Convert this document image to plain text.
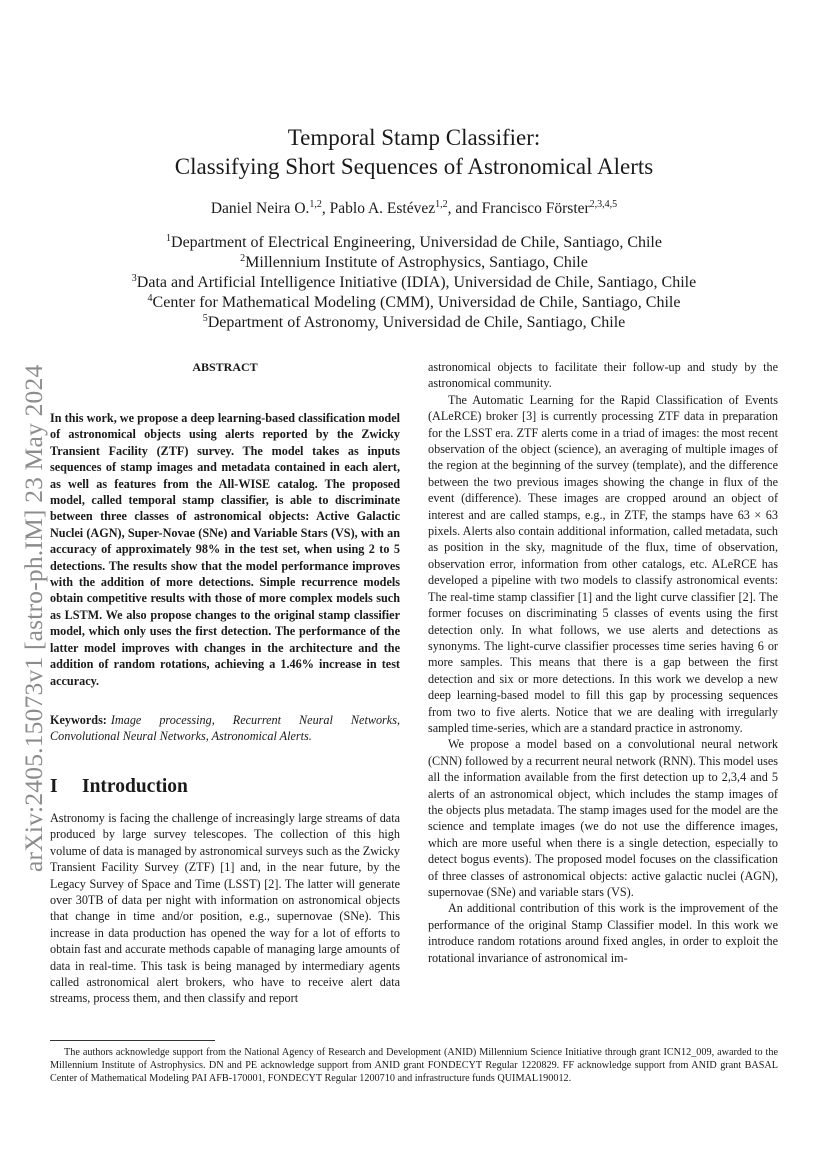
arXiv:2405.15073v1 [astro-ph.IM] 23 May 2024
Temporal Stamp Classifier:
Classifying Short Sequences of Astronomical Alerts
Daniel Neira O.$^{1,2}$, Pablo A. Estévez$^{1,2}$, and Francisco Förster$^{2,3,4,5}$
$^1$Department of Electrical Engineering, Universidad de Chile, Santiago, Chile
$^2$Millennium Institute of Astrophysics, Santiago, Chile
$^3$Data and Artificial Intelligence Initiative (IDIA), Universidad de Chile, Santiago, Chile
$^4$Center for Mathematical Modeling (CMM), Universidad de Chile, Santiago, Chile
$^5$Department of Astronomy, Universidad de Chile, Santiago, Chile
ABSTRACT
In this work, we propose a deep learning-based classification model of astronomical objects using alerts reported by the Zwicky Transient Facility (ZTF) survey. The model takes as inputs sequences of stamp images and metadata contained in each alert, as well as features from the All-WISE catalog. The proposed model, called temporal stamp classifier, is able to discriminate between three classes of astronomical objects: Active Galactic Nuclei (AGN), Super-Novae (SNe) and Variable Stars (VS), with an accuracy of approximately 98% in the test set, when using 2 to 5 detections. The results show that the model performance improves with the addition of more detections. Simple recurrence models obtain competitive results with those of more complex models such as LSTM. We also propose changes to the original stamp classifier model, which only uses the first detection. The performance of the latter model improves with changes in the architecture and the addition of random rotations, achieving a 1.46% increase in test accuracy.
Keywords: Image processing, Recurrent Neural Networks, Convolutional Neural Networks, Astronomical Alerts.
I Introduction
Astronomy is facing the challenge of increasingly large streams of data produced by large survey telescopes. The collection of this high volume of data is managed by astronomical surveys such as the Zwicky Transient Facility Survey (ZTF) [1] and, in the near future, by the Legacy Survey of Space and Time (LSST) [2]. The latter will generate over 30TB of data per night with information on astronomical objects that change in time and/or position, e.g., supernovae (SNe). This increase in data production has opened the way for a lot of efforts to obtain fast and accurate methods capable of managing large amounts of data in real-time. This task is being managed by intermediary agents called astronomical alert brokers, who have to receive alert data streams, process them, and then classify and report

astronomical objects to facilitate their follow-up and study by the astronomical community.

The Automatic Learning for the Rapid Classification of Events (ALeRCE) broker [3] is currently processing ZTF data in preparation for the LSST era. ZTF alerts come in a triad of images: the most recent observation of the object (science), an averaging of multiple images of the region at the beginning of the survey (template), and the difference between the two previous images showing the change in flux of the event (difference). These images are cropped around an object of interest and are called stamps, e.g., in ZTF, the stamps have 63 × 63 pixels. Alerts also contain additional information, called metadata, such as position in the sky, magnitude of the flux, time of observation, observation error, information from other catalogs, etc. ALeRCE has developed a pipeline with two models to classify astronomical events: The real-time stamp classifier [1] and the light curve classifier [2]. The former focuses on discriminating 5 classes of events using the first detection only. In what follows, we use alerts and detections as synonyms. The light-curve classifier processes time series having 6 or more samples. This means that there is a gap between the first detection and six or more detections. In this work we develop a new deep learning-based model to fill this gap by processing sequences from two to five alerts. Notice that we are dealing with irregularly sampled time-series, which are a standard practice in astronomy.

We propose a model based on a convolutional neural network (CNN) followed by a recurrent neural network (RNN). This model uses all the information available from the first detection up to 2,3,4 and 5 alerts of an astronomical object, which includes the stamp images of the objects plus metadata. The stamp images used for the model are the science and template images (we do not use the difference images, which are more useful when there is a single detection, especially to detect bogus events). The proposed model focuses on the classification of three classes of astronomical objects: active galactic nuclei (AGN), supernovae (SNe) and variable stars (VS).

An additional contribution of this work is the improvement of the performance of the original Stamp Classifier model. In this work we introduce random rotations around fixed angles, in order to exploit the rotational invariance of astronomical im-

The authors acknowledge support from the National Agency of Research and Development (ANID) Millennium Science Initiative through grant ICN12_009, awarded to the Millennium Institute of Astrophysics. DN and PE acknowledge support from ANID grant FONDECYT Regular 1220829. FF acknowledge support from ANID grant BASAL Center of Mathematical Modeling PAI AFB-170001, FONDECYT Regular 1200710 and infrastructure funds QUIMAL190012.
